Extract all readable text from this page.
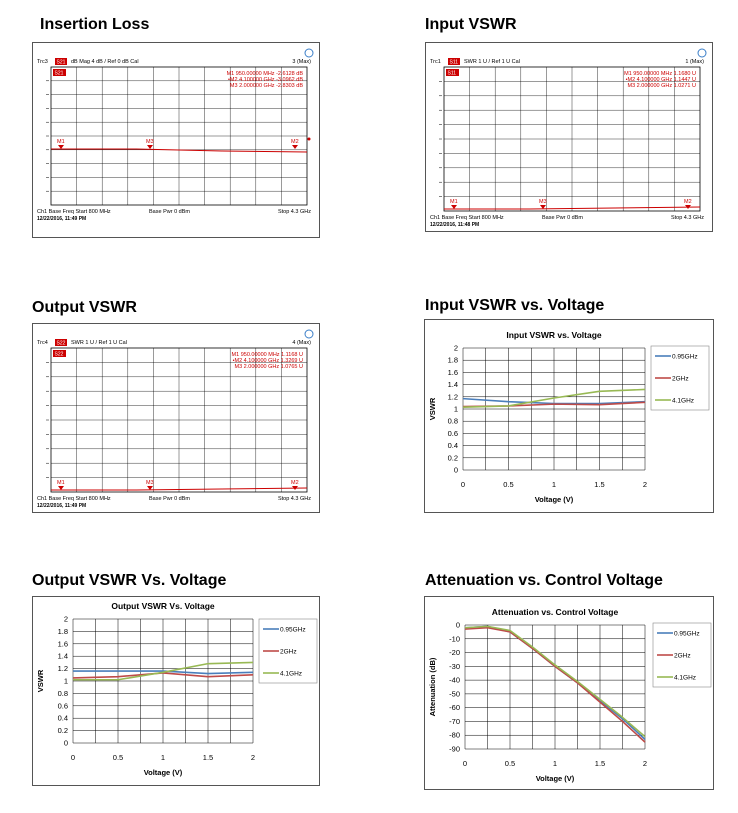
Insertion Loss	Input VSWR
Output VSWR	Input VSWR vs. Voltage
Output VSWR Vs. Voltage	Attenuation vs. Control Voltage
Trc3 S21 dB Mag 4 dB / Ref 0 dB Cal	3 (Max)
S21	M1 950.00000 MHz -2.6128 dB
•M2 4.100000 GHz -3.0962 dB
M3 2.000000 GHz -2.8303 dB
M1	M3	M2
Ch1 Base Freq Start 800 MHz	Base Pwr 0 dBm	Stop 4.3 GHz
12/22/2016, 11:49 PM
Trc1 S11 SWR 1 U / Ref 1 U Cal	1 (Max)
S11	M1 950.00000 MHz 1.1680 U
•M2 4.100000 GHz 1.1447 U
M3 2.000000 GHz 1.0271 U
M1	M3	M2
Ch1 Base Freq Start 800 MHz	Base Pwr 0 dBm	Stop 4.3 GHz
12/22/2016, 11:48 PM
Trc4 S22 SWR 1 U / Ref 1 U Cal	4 (Max)
S22	M1 950.00000 MHz 1.1168 U
•M2 4.100000 GHz 1.3269 U
M3 2.000000 GHz 1.0765 U
M1	M3	M2
Ch1 Base Freq Start 800 MHz	Base Pwr 0 dBm	Stop 4.3 GHz
12/22/2016, 11:49 PM
Input VSWR vs. Voltage
0
0.2
0.4
0.6
0.8
1
1.2
1.4
1.6
1.8
2
0	0.5	1	1.5	2
Voltage (V)
VSWR
0.95GHz
2GHz
4.1GHz
Output VSWR Vs. Voltage
0
0.2
0.4
0.6
0.8
1
1.2
1.4
1.6
1.8
2
0	0.5	1	1.5	2
Voltage (V)
VSWR
0.95GHz
2GHz
4.1GHz
Attenuation vs. Control Voltage
0
-10
-20
-30
-40
-50
-60
-70
-80
-90
0	0.5	1	1.5	2
Voltage (V)
Attenuation (dB)
0.95GHz
2GHz
4.1GHz
